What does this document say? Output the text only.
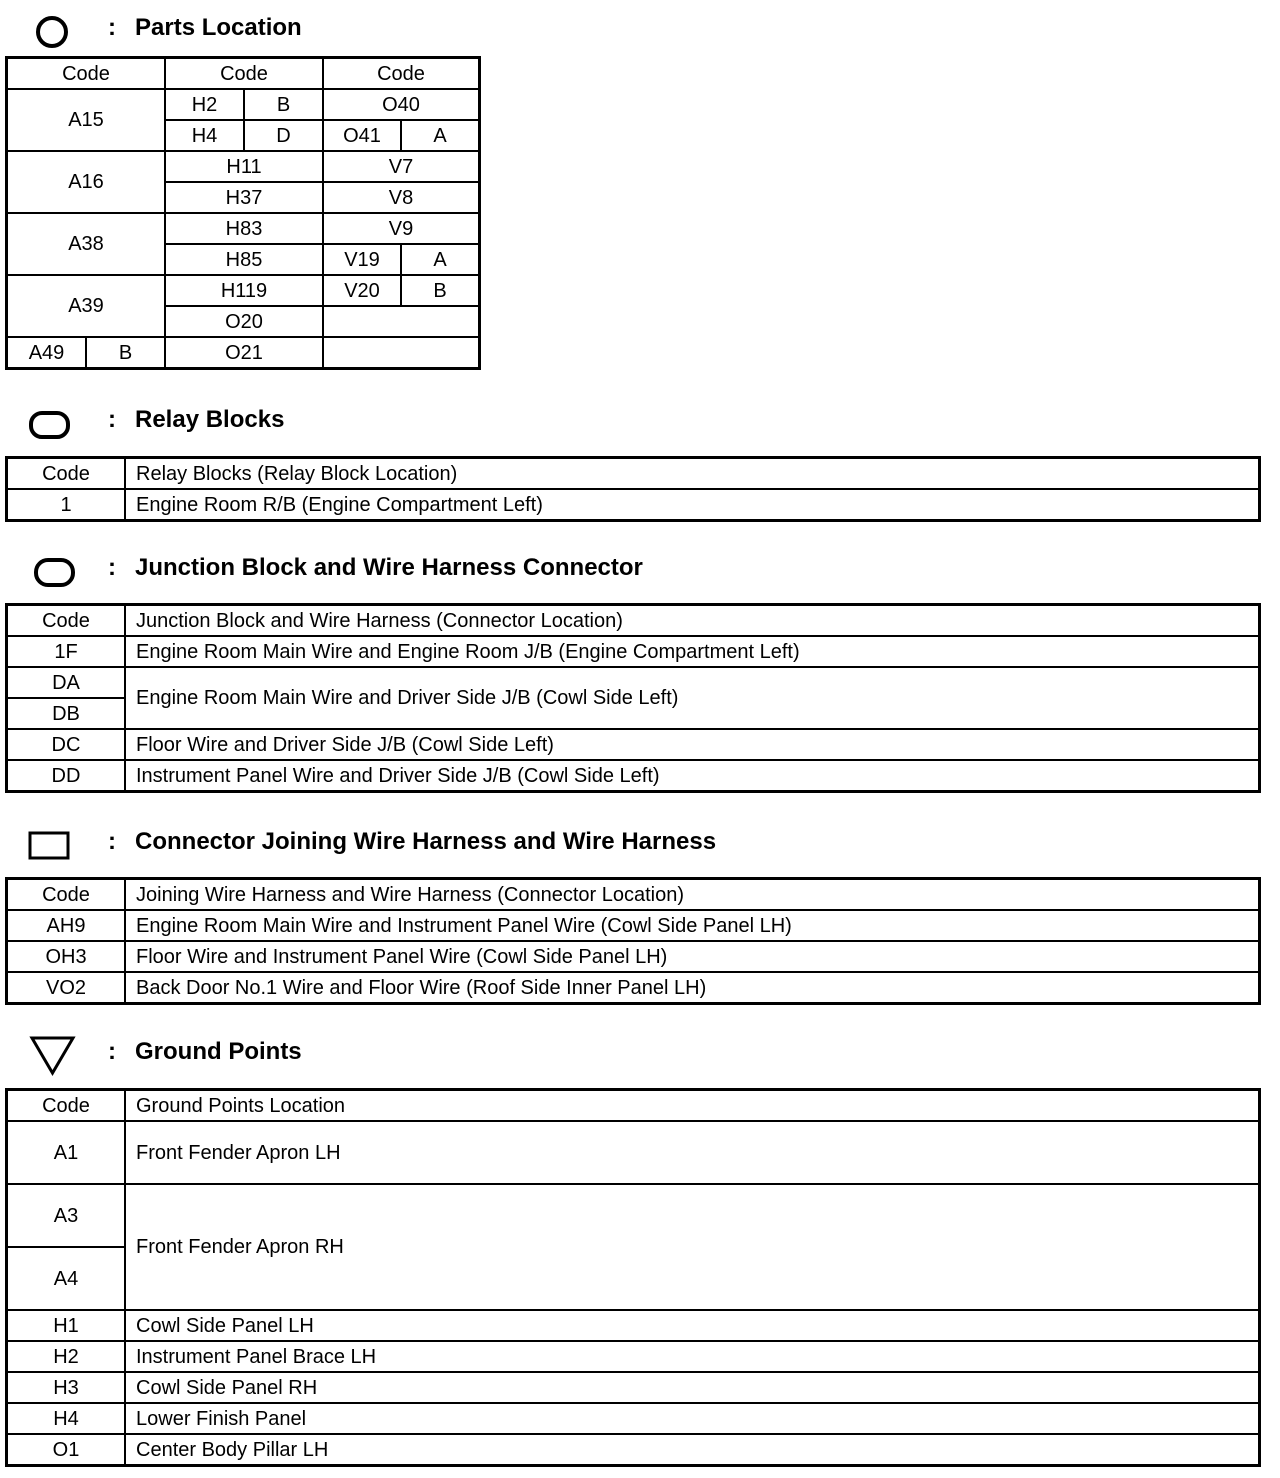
: Parts Location
Code		Code		Code	
A15		H2	B	O40	
		H4	D	O41	A
A16		H11		V7	
		H37		V8	
A38		H83		V9	
		H85		V19	A
A39		H119		V20	B
		O20			
A49	B	O21			
: Relay Blocks
Code	Relay Blocks (Relay Block Location)
1	Engine Room R/B (Engine Compartment Left)
: Junction Block and Wire Harness Connector
Code	Junction Block and Wire Harness (Connector Location)
1F	Engine Room Main Wire and Engine Room J/B (Engine Compartment Left)
DA	Engine Room Main Wire and Driver Side J/B (Cowl Side Left)
DB	
DC	Floor Wire and Driver Side J/B (Cowl Side Left)
DD	Instrument Panel Wire and Driver Side J/B (Cowl Side Left)
: Connector Joining Wire Harness and Wire Harness
Code	Joining Wire Harness and Wire Harness (Connector Location)
AH9	Engine Room Main Wire and Instrument Panel Wire (Cowl Side Panel LH)
OH3	Floor Wire and Instrument Panel Wire (Cowl Side Panel LH)
VO2	Back Door No.1 Wire and Floor Wire (Roof Side Inner Panel LH)
: Ground Points
Code	Ground Points Location
A1	Front Fender Apron LH
A3	Front Fender Apron RH
A4	
H1	Cowl Side Panel LH
H2	Instrument Panel Brace LH
H3	Cowl Side Panel RH
H4	Lower Finish Panel
O1	Center Body Pillar LH
